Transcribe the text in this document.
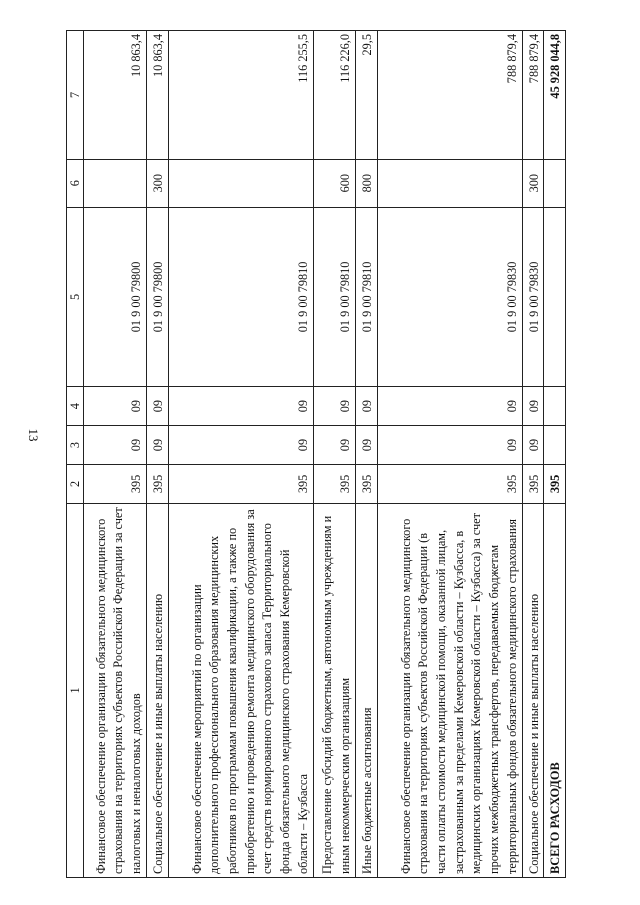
13
1	2	3	4	5	6	7
Финансовое обеспечение организации обязательного медицинского страхования на территориях субъектов Российской Федерации за счет налоговых и неналоговых доходов	395	09	09	01 9 00 79800		10 863,4
Социальное обеспечение и иные выплаты населению	395	09	09	01 9 00 79800	300	10 863,4
Финансовое обеспечение мероприятий по организации дополнительного профессионального образования медицинских работников по программам повышения квалификации, а также по приобретению и проведению ремонта медицинского оборудования за счет средств нормированного страхового запаса Территориального фонда обязательного медицинского страхования Кемеровской области – Кузбасса	395	09	09	01 9 00 79810		116 255,5
Предоставление субсидий бюджетным, автономным учреждениям и иным некоммерческим организациям	395	09	09	01 9 00 79810	600	116 226,0
Иные бюджетные ассигнования	395	09	09	01 9 00 79810	800	29,5
Финансовое обеспечение организации обязательного медицинского страхования на территориях субъектов Российской Федерации (в части оплаты стоимости медицинской помощи, оказанной лицам, застрахованным за пределами Кемеровской области – Кузбасса, в медицинских организациях Кемеровской области – Кузбасса) за счет прочих межбюджетных трансфертов, передаваемых бюджетам территориальных фондов обязательного медицинского страхования	395	09	09	01 9 00 79830		788 879,4
Социальное обеспечение и иные выплаты населению	395	09	09	01 9 00 79830	300	788 879,4
ВСЕГО РАСХОДОВ	395					45 928 044,8
